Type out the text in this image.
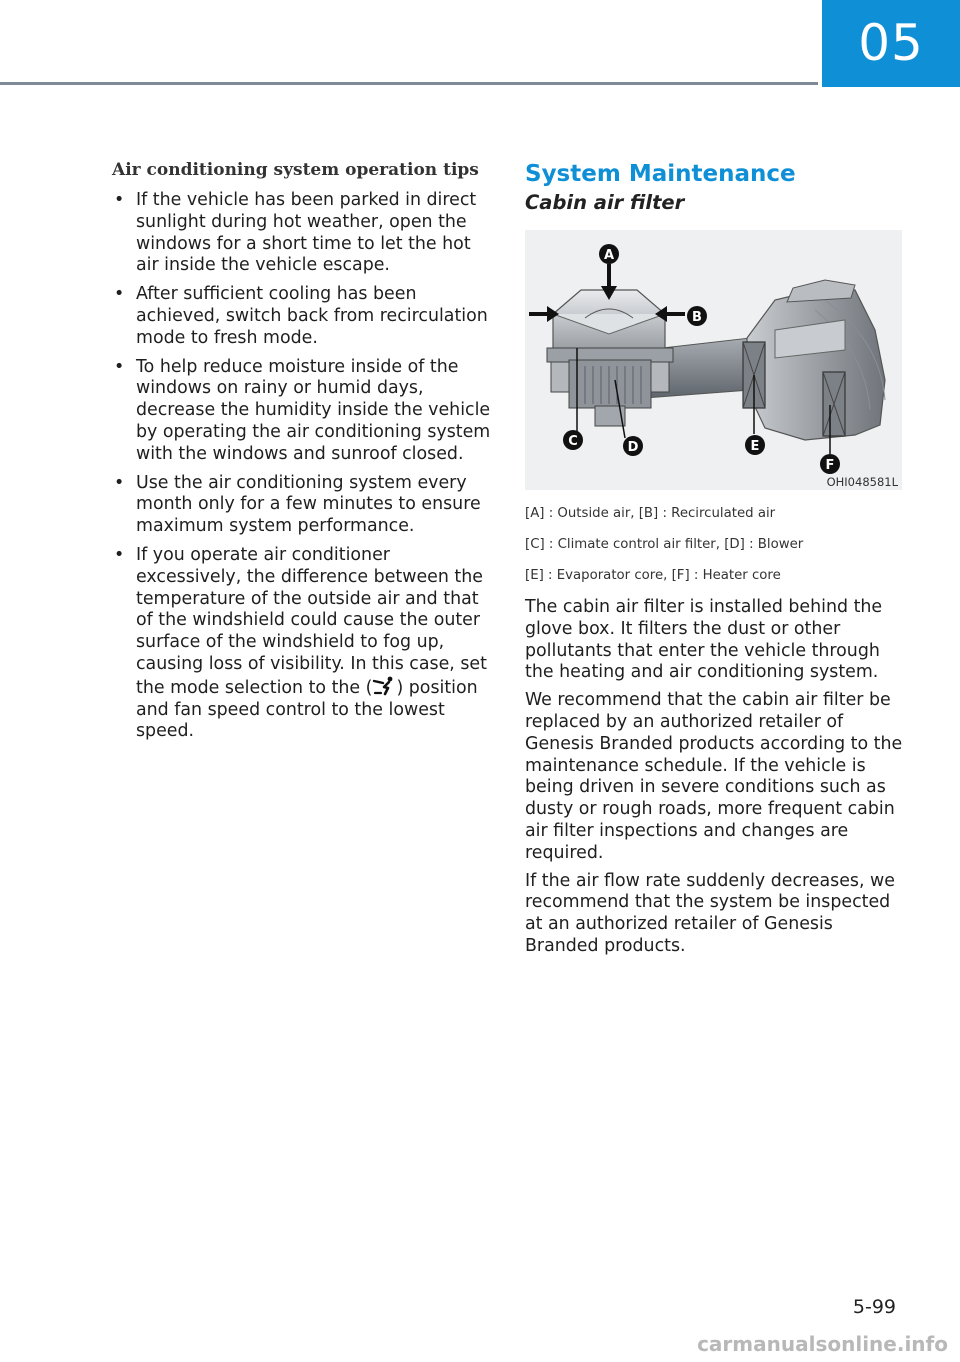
05
Air conditioning system operation tips
• If the vehicle has been parked in direct sunlight during hot weather, open the windows for a short time to let the hot air inside the vehicle escape.
• After sufficient cooling has been achieved, switch back from recirculation mode to fresh mode.
• To help reduce moisture inside of the windows on rainy or humid days, decrease the humidity inside the vehicle by operating the air conditioning system with the windows and sunroof closed.
• Use the air conditioning system every month only for a few minutes to ensure maximum system performance.
• If you operate air conditioner excessively, the difference between the temperature of the outside air and that of the windshield could cause the outer surface of the windshield to fog up, causing loss of visibility. In this case, set the mode selection to the ( ) position and fan speed control to the lowest speed.
System Maintenance
Cabin air filter
A
B
C	D	E
F
OHI048581L

[A] : Outside air, [B] : Recirculated air

[C] : Climate control air filter, [D] : Blower

[E] : Evaporator core, [F] : Heater core

The cabin air filter is installed behind the glove box. It filters the dust or other pollutants that enter the vehicle through the heating and air conditioning system.

We recommend that the cabin air filter be replaced by an authorized retailer of Genesis Branded products according to the maintenance schedule. If the vehicle is being driven in severe conditions such as dusty or rough roads, more frequent cabin air filter inspections and changes are required.

If the air flow rate suddenly decreases, we recommend that the system be inspected at an authorized retailer of Genesis Branded products.

5-99
carmanualsonline.info
